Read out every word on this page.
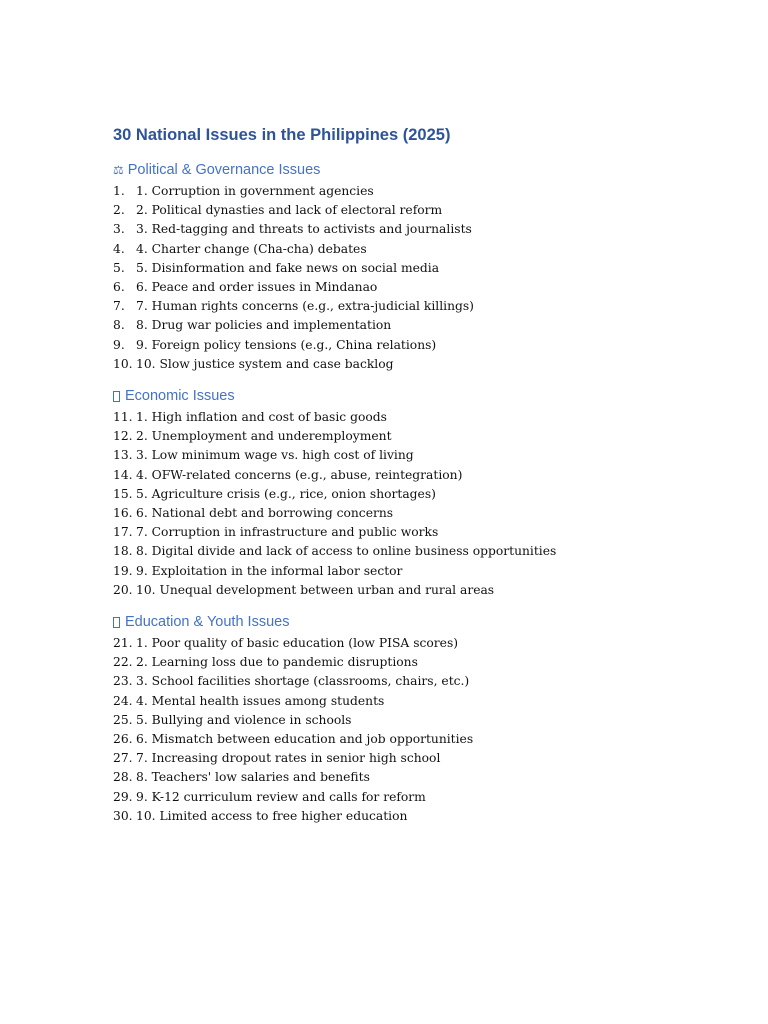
30 National Issues in the Philippines (2025)
⚖ Political & Governance Issues
1. 1. Corruption in government agencies
2. 2. Political dynasties and lack of electoral reform
3. 3. Red-tagging and threats to activists and journalists
4. 4. Charter change (Cha-cha) debates
5. 5. Disinformation and fake news on social media
6. 6. Peace and order issues in Mindanao
7. 7. Human rights concerns (e.g., extra-judicial killings)
8. 8. Drug war policies and implementation
9. 9. Foreign policy tensions (e.g., China relations)
10. 10. Slow justice system and case backlog
Economic Issues
11. 1. High inflation and cost of basic goods
12. 2. Unemployment and underemployment
13. 3. Low minimum wage vs. high cost of living
14. 4. OFW-related concerns (e.g., abuse, reintegration)
15. 5. Agriculture crisis (e.g., rice, onion shortages)
16. 6. National debt and borrowing concerns
17. 7. Corruption in infrastructure and public works
18. 8. Digital divide and lack of access to online business opportunities
19. 9. Exploitation in the informal labor sector
20. 10. Unequal development between urban and rural areas
Education & Youth Issues
21. 1. Poor quality of basic education (low PISA scores)
22. 2. Learning loss due to pandemic disruptions
23. 3. School facilities shortage (classrooms, chairs, etc.)
24. 4. Mental health issues among students
25. 5. Bullying and violence in schools
26. 6. Mismatch between education and job opportunities
27. 7. Increasing dropout rates in senior high school
28. 8. Teachers' low salaries and benefits
29. 9. K-12 curriculum review and calls for reform
30. 10. Limited access to free higher education
